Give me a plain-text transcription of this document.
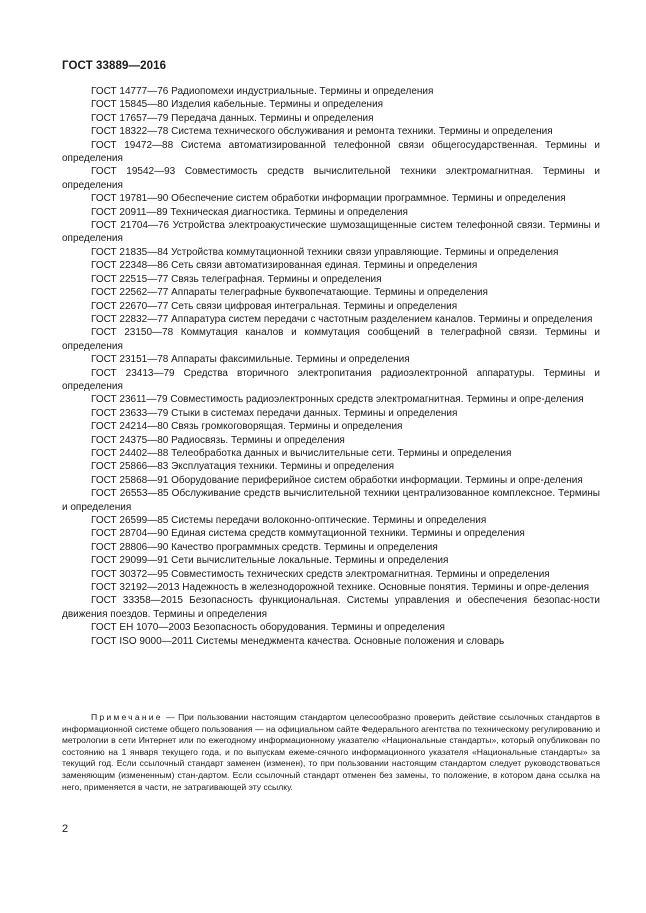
ГОСТ 33889—2016

ГОСТ 14777—76 Радиопомехи индустриальные. Термины и определения

ГОСТ 15845—80 Изделия кабельные. Термины и определения

ГОСТ 17657—79 Передача данных. Термины и определения

ГОСТ 18322—78 Система технического обслуживания и ремонта техники. Термины и определения

ГОСТ 19472—88 Система автоматизированной телефонной связи общегосударственная. Термины и определения

ГОСТ 19542—93 Совместимость средств вычислительной техники электромагнитная. Термины и определения

ГОСТ 19781—90 Обеспечение систем обработки информации программное. Термины и определения

ГОСТ 20911—89 Техническая диагностика. Термины и определения

ГОСТ 21704—76 Устройства электроакустические шумозащищенные систем телефонной связи. Термины и определения

ГОСТ 21835—84 Устройства коммутационной техники связи управляющие. Термины и определения

ГОСТ 22348—86 Сеть связи автоматизированная единая. Термины и определения

ГОСТ 22515—77 Связь телеграфная. Термины и определения

ГОСТ 22562—77 Аппараты телеграфные буквопечатающие. Термины и определения

ГОСТ 22670—77 Сеть связи цифровая интегральная. Термины и определения

ГОСТ 22832—77 Аппаратура систем передачи с частотным разделением каналов. Термины и определения

ГОСТ 23150—78 Коммутация каналов и коммутация сообщений в телеграфной связи. Термины и определения

ГОСТ 23151—78 Аппараты факсимильные. Термины и определения

ГОСТ 23413—79 Средства вторичного электропитания радиоэлектронной аппаратуры. Термины и определения

ГОСТ 23611—79 Совместимость радиоэлектронных средств электромагнитная. Термины и опре-деления

ГОСТ 23633—79 Стыки в системах передачи данных. Термины и определения

ГОСТ 24214—80 Связь громкоговорящая. Термины и определения

ГОСТ 24375—80 Радиосвязь. Термины и определения

ГОСТ 24402—88 Телеобработка данных и вычислительные сети. Термины и определения

ГОСТ 25866—83 Эксплуатация техники. Термины и определения

ГОСТ 25868—91 Оборудование периферийное систем обработки информации. Термины и опре-деления

ГОСТ 26553—85 Обслуживание средств вычислительной техники централизованное комплексное. Термины и определения

ГОСТ 26599—85 Системы передачи волоконно-оптические. Термины и определения

ГОСТ 28704—90 Единая система средств коммутационной техники. Термины и определения

ГОСТ 28806—90 Качество программных средств. Термины и определения

ГОСТ 29099—91 Сети вычислительные локальные. Термины и определения

ГОСТ 30372—95 Совместимость технических средств электромагнитная. Термины и определения

ГОСТ 32192—2013 Надежность в железнодорожной технике. Основные понятия. Термины и опре-деления

ГОСТ 33358—2015 Безопасность функциональная. Системы управления и обеспечения безопас-ности движения поездов. Термины и определения

ГОСТ EH 1070—2003 Безопасность оборудования. Термины и определения

ГОСТ ISO 9000—2011 Системы менеджмента качества. Основные положения и словарь

Примечание — При пользовании настоящим стандартом целесообразно проверить действие ссылочных стандартов в информационной системе общего пользования — на официальном сайте Федерального агентства по техническому регулированию и метрологии в сети Интернет или по ежегодному информационному указателю «Национальные стандарты», который опубликован по состоянию на 1 января текущего года, и по выпускам ежеме-сячного информационного указателя «Национальные стандарты» за текущий год. Если ссылочный стандарт заменен (изменен), то при пользовании настоящим стандартом следует руководствоваться заменяющим (измененным) стан-дартом. Если ссылочный стандарт отменен без замены, то положение, в котором дана ссылка на него, применяется в части, не затрагивающей эту ссылку.

2
